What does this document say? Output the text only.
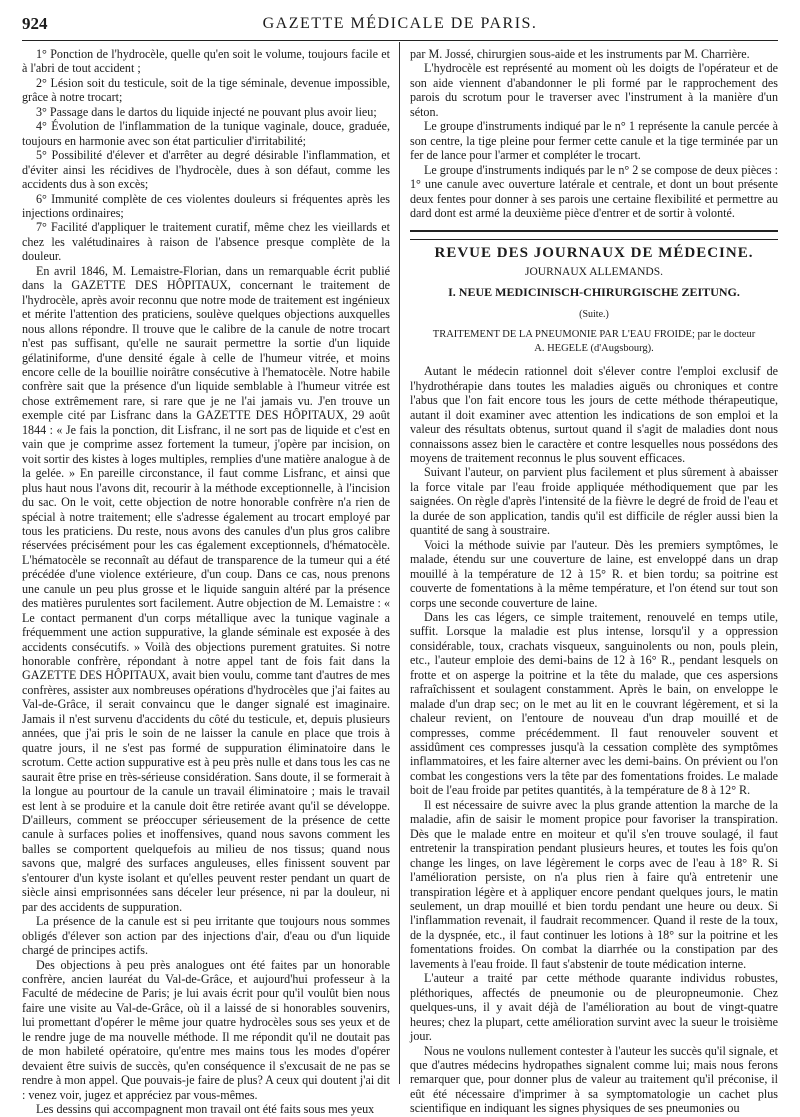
924	GAZETTE MÉDICALE DE PARIS.

1° Ponction de l'hydrocèle, quelle qu'en soit le volume, toujours facile et à l'abri de tout accident ;

2° Lésion soit du testicule, soit de la tige séminale, devenue impossible, grâce à notre trocart;

3° Passage dans le dartos du liquide injecté ne pouvant plus avoir lieu;

4° Évolution de l'inflammation de la tunique vaginale, douce, graduée, toujours en harmonie avec son état particulier d'irritabilité;

5° Possibilité d'élever et d'arrêter au degré désirable l'inflammation, et d'éviter ainsi les récidives de l'hydrocèle, dues à son défaut, comme les accidents dus à son excès;

6° Immunité complète de ces violentes douleurs si fréquentes après les injections ordinaires;

7° Facilité d'appliquer le traitement curatif, même chez les vieillards et chez les valétudinaires à raison de l'absence presque complète de la douleur.

En avril 1846, M. Lemaistre-Florian, dans un remarquable écrit publié dans la GAZETTE DES HÔPITAUX, concernant le traitement de l'hydrocèle, après avoir reconnu que notre mode de traitement est ingénieux et mérite l'attention des praticiens, soulève quelques objections auxquelles nous allons répondre. Il trouve que le calibre de la canule de notre trocart n'est pas suffisant, qu'elle ne saurait permettre la sortie d'un liquide gélatiniforme, d'une densité égale à celle de l'humeur vitrée, et moins encore celle de la bouillie noirâtre consécutive à l'hematocèle. Notre habile confrère sait que la présence d'un liquide semblable à l'humeur vitrée est chose extrêmement rare, si rare que je ne l'ai jamais vu. J'en trouve un exemple cité par Lisfranc dans la GAZETTE DES HÔPITAUX, 29 août 1844 : « Je fais la ponction, dit Lisfranc, il ne sort pas de liquide et c'est en vain que je comprime assez fortement la tumeur, j'opère par incision, on voit sortir des kistes à loges multiples, remplies d'une matière analogue à de la gelée. » En pareille circonstance, il faut comme Lisfranc, et ainsi que plus haut nous l'avons dit, recourir à la méthode exceptionnelle, à l'incision du sac. On le voit, cette objection de notre honorable confrère n'a rien de spécial à notre traitement; elle s'adresse également au trocart employé par tous les praticiens. Du reste, nous avons des canules d'un plus gros calibre réservées précisément pour les cas également exceptionnels, d'hématocèle. L'hématocèle se reconnaît au défaut de transparence de la tumeur qui a été précédée d'une violence extérieure, d'un coup. Dans ce cas, nous prenons une canule un peu plus grosse et le liquide sanguin altéré par la présence des matières purulentes sort facilement. Autre objection de M. Lemaistre : « Le contact permanent d'un corps métallique avec la tunique vaginale a fréquemment une action suppurative, la glande séminale est exposée à des accidents consécutifs. » Voilà des objections purement gratuites. Si notre honorable confrère, répondant à notre appel tant de fois fait dans la GAZETTE DES HÔPITAUX, avait bien voulu, comme tant d'autres de mes confrères, assister aux nombreuses opérations d'hydrocèles que j'ai faites au Val-de-Grâce, il serait convaincu que le danger signalé est imaginaire. Jamais il n'est survenu d'accidents du côté du testicule, et, depuis plusieurs années, que j'ai pris le soin de ne laisser la canule en place que trois à quatre jours, il ne s'est pas formé de suppuration éliminatoire dans le scrotum. Cette action suppurative est à peu près nulle et dans tous les cas ne saurait être prise en très-sérieuse considération. Sans doute, il se formerait à la longue au pourtour de la canule un travail éliminatoire ; mais le travail est lent à se produire et la canule doit être retirée avant qu'il se développe. D'ailleurs, comment se préoccuper sérieusement de la présence de cette canule à surfaces polies et inoffensives, quand nous savons comment les balles se comportent quelquefois au milieu de nos tissus; quand nous savons que, malgré des surfaces anguleuses, elles finissent souvent par s'entourer d'un kyste isolant et qu'elles peuvent rester pendant un quart de siècle ainsi emprisonnées sans déceler leur présence, ni par la douleur, ni par des accidents de suppuration.

La présence de la canule est si peu irritante que toujours nous sommes obligés d'élever son action par des injections d'air, d'eau ou d'un liquide chargé de principes actifs.

Des objections à peu près analogues ont été faites par un honorable confrère, ancien lauréat du Val-de-Grâce, et aujourd'hui professeur à la Faculté de médecine de Paris; je lui avais écrit pour qu'il voulût bien nous faire une visite au Val-de-Grâce, où il a laissé de si honorables souvenirs, lui promettant d'opérer le même jour quatre hydrocèles sous ses yeux et de le rendre juge de ma nouvelle méthode. Il me répondit qu'il ne doutait pas de mon habileté opératoire, qu'entre mes mains tous les modes d'opérer devaient être suivis de succès, qu'en conséquence il s'excusait de ne pas se rendre à mon appel. Que pouvais-je faire de plus? A ceux qui doutent j'ai dit : venez voir, jugez et appréciez par vous-mêmes.

Les dessins qui accompagnent mon travail ont été faits sous mes yeux

par M. Jossé, chirurgien sous-aide et les instruments par M. Charrière.

L'hydrocèle est représenté au moment où les doigts de l'opérateur et de son aide viennent d'abandonner le pli formé par le rapprochement des parois du scrotum pour le traverser avec l'instrument à la manière d'un séton.

Le groupe d'instruments indiqué par le n° 1 représente la canule percée à son centre, la tige pleine pour fermer cette canule et la tige terminée par un fer de lance pour l'armer et compléter le trocart.

Le groupe d'instruments indiqués par le n° 2 se compose de deux pièces : 1° une canule avec ouverture latérale et centrale, et dont un bout présente deux fentes pour donner à ses parois une certaine flexibilité et permettre au dard dont est armé la deuxième pièce d'entrer et de sortir à volonté.

REVUE DES JOURNAUX DE MÉDECINE.
JOURNAUX ALLEMANDS.
I. NEUE MEDICINISCH-CHIRURGISCHE ZEITUNG.
(Suite.)
TRAITEMENT DE LA PNEUMONIE PAR L'EAU FROIDE; par le docteur
A. HEGELE (d'Augsbourg).

Autant le médecin rationnel doit s'élever contre l'emploi exclusif de l'hydrothérapie dans toutes les maladies aiguës ou chroniques et contre l'abus que l'on fait encore tous les jours de cette méthode thérapeutique, autant il doit examiner avec attention les indications de son emploi et la valeur des résultats obtenus, surtout quand il s'agit de maladies dont nous connaissons assez bien le caractère et contre lesquelles nous possédons des moyens de traitement reconnus le plus souvent efficaces.

Suivant l'auteur, on parvient plus facilement et plus sûrement à abaisser la force vitale par l'eau froide appliquée méthodiquement que par les saignées. On règle d'après l'intensité de la fièvre le degré de froid de l'eau et la durée de son application, tandis qu'il est difficile de régler aussi bien la quantité de sang à soustraire.

Voici la méthode suivie par l'auteur. Dès les premiers symptômes, le malade, étendu sur une couverture de laine, est enveloppé dans un drap mouillé à la température de 12 à 15° R. et bien tordu; sa poitrine est couverte de fomentations à la même température, et l'on étend sur tout son corps une seconde couverture de laine.

Dans les cas légers, ce simple traitement, renouvelé en temps utile, suffit. Lorsque la maladie est plus intense, lorsqu'il y a oppression considérable, toux, crachats visqueux, sanguinolents ou non, pouls plein, etc., l'auteur emploie des demi-bains de 12 à 16° R., pendant lesquels on frotte et on asperge la poitrine et la tête du malade, que ces aspersions rafraîchissent et soulagent constamment. Après le bain, on enveloppe le malade d'un drap sec; on le met au lit en le couvrant légèrement, et si la chaleur revient, on l'entoure de nouveau d'un drap mouillé et de compresses, comme précédemment. Il faut renouveler souvent et assidûment ces compresses jusqu'à la cessation complète des symptômes inflammatoires, et les faire alterner avec les demi-bains. On prévient ou l'on combat les congestions vers la tête par des fomentations froides. Le malade boit de l'eau froide par petites quantités, à la température de 8 à 12° R.

Il est nécessaire de suivre avec la plus grande attention la marche de la maladie, afin de saisir le moment propice pour favoriser la transpiration. Dès que le malade entre en moiteur et qu'il s'en trouve soulagé, il faut entretenir la transpiration pendant plusieurs heures, et toutes les fois qu'on change les linges, on lave légèrement le corps avec de l'eau à 18° R. Si l'amélioration persiste, on n'a plus rien à faire qu'à entretenir une transpiration légère et à appliquer encore pendant quelques jours, le matin seulement, un drap mouillé et bien tordu pendant une heure ou deux. Si l'inflammation revenait, il faudrait recommencer. Quand il reste de la toux, de la dyspnée, etc., il faut continuer les lotions à 18° sur la poitrine et les fomentations froides. On combat la diarrhée ou la constipation par des lavements à l'eau froide. Il faut s'abstenir de toute médication interne.

L'auteur a traité par cette méthode quarante individus robustes, pléthoriques, affectés de pneumonie ou de pleuropneumonie. Chez quelques-uns, il y avait déjà de l'amélioration au bout de vingt-quatre heures; chez la plupart, cette amélioration survint avec la sueur le troisième jour.

Nous ne voulons nullement contester à l'auteur les succès qu'il signale, et que d'autres médecins hydropathes signalent comme lui; mais nous ferons remarquer que, pour donner plus de valeur au traitement qu'il préconise, il eût été nécessaire d'imprimer à sa symptomatologie un cachet plus scientifique en indiquant les signes physiques de ses pneumonies ou
